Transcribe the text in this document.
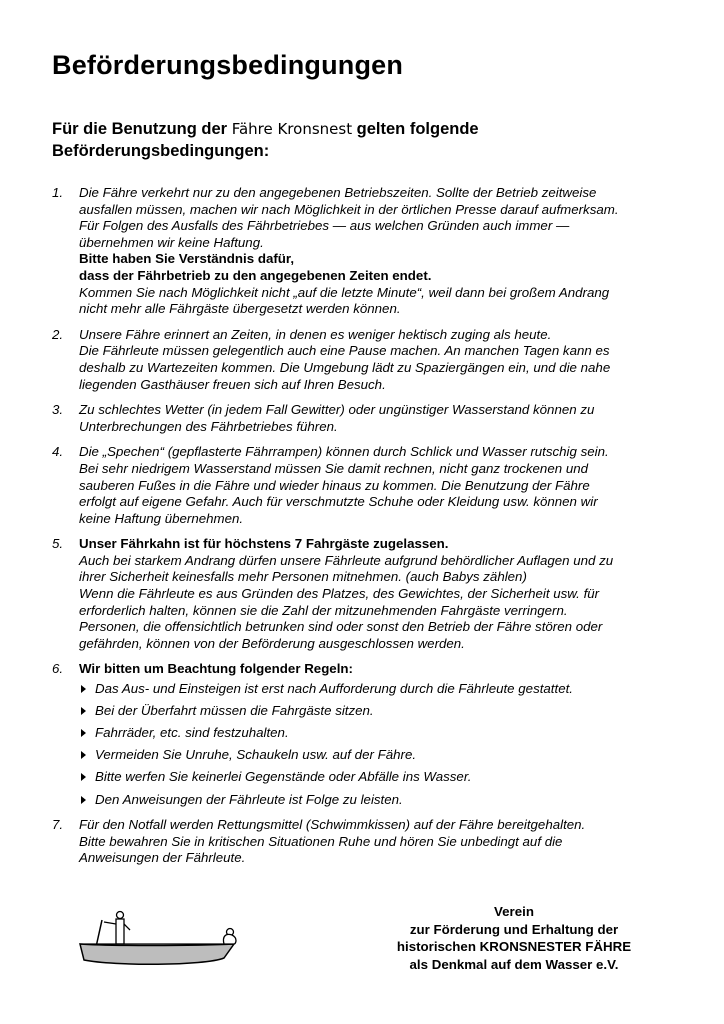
Beförderungsbedingungen
Für die Benutzung der Fähre Kronsnest gelten folgende
Beförderungsbedingungen:
1. Die Fähre verkehrt nur zu den angegebenen Betriebszeiten. Sollte der Betrieb zeitweise
ausfallen müssen, machen wir nach Möglichkeit in der örtlichen Presse darauf aufmerksam.
Für Folgen des Ausfalls des Fährbetriebes — aus welchen Gründen auch immer —
übernehmen wir keine Haftung.
Bitte haben Sie Verständnis dafür,
dass der Fährbetrieb zu den angegebenen Zeiten endet.
Kommen Sie nach Möglichkeit nicht „auf die letzte Minute“, weil dann bei großem Andrang
nicht mehr alle Fährgäste übergesetzt werden können.
2. Unsere Fähre erinnert an Zeiten, in denen es weniger hektisch zuging als heute.
Die Fährleute müssen gelegentlich auch eine Pause machen. An manchen Tagen kann es
deshalb zu Wartezeiten kommen. Die Umgebung lädt zu Spaziergängen ein, und die nahe
liegenden Gasthäuser freuen sich auf Ihren Besuch.
3. Zu schlechtes Wetter (in jedem Fall Gewitter) oder ungünstiger Wasserstand können zu
Unterbrechungen des Fährbetriebes führen.
4. Die „Spechen“ (gepflasterte Fährrampen) können durch Schlick und Wasser rutschig sein.
Bei sehr niedrigem Wasserstand müssen Sie damit rechnen, nicht ganz trockenen und
sauberen Fußes in die Fähre und wieder hinaus zu kommen. Die Benutzung der Fähre
erfolgt auf eigene Gefahr. Auch für verschmutzte Schuhe oder Kleidung usw. können wir
keine Haftung übernehmen.
5. Unser Fährkahn ist für höchstens 7 Fahrgäste zugelassen.
Auch bei starkem Andrang dürfen unsere Fährleute aufgrund behördlicher Auflagen und zu
ihrer Sicherheit keinesfalls mehr Personen mitnehmen. (auch Babys zählen)
Wenn die Fährleute es aus Gründen des Platzes, des Gewichtes, der Sicherheit usw. für
erforderlich halten, können sie die Zahl der mitzunehmenden Fahrgäste verringern.
Personen, die offensichtlich betrunken sind oder sonst den Betrieb der Fähre stören oder
gefährden, können von der Beförderung ausgeschlossen werden.
6. Wir bitten um Beachtung folgender Regeln:
Das Aus- und Einsteigen ist erst nach Aufforderung durch die Fährleute gestattet.
Bei der Überfahrt müssen die Fahrgäste sitzen.
Fahrräder, etc. sind festzuhalten.
Vermeiden Sie Unruhe, Schaukeln usw. auf der Fähre.
Bitte werfen Sie keinerlei Gegenstände oder Abfälle ins Wasser.
Den Anweisungen der Fährleute ist Folge zu leisten.
7. Für den Notfall werden Rettungsmittel (Schwimmkissen) auf der Fähre bereitgehalten.
Bitte bewahren Sie in kritischen Situationen Ruhe und hören Sie unbedingt auf die
Anweisungen der Fährleute.
Verein
zur Förderung und Erhaltung der
historischen KRONSNESTER FÄHRE
als Denkmal auf dem Wasser e.V.
